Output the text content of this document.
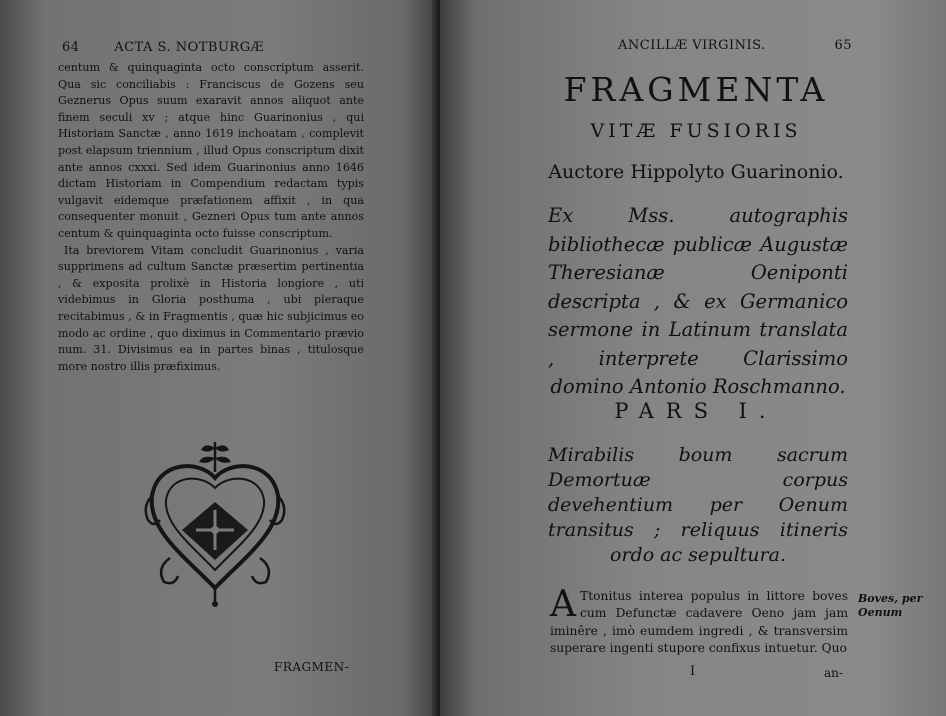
64	ACTA S. NOTBURGÆ

centum & quinquaginta octo conscriptum asserit. Qua sic conciliabis : Franciscus de Gozens seu Geznerus Opus suum exaravit annos aliquot ante finem seculi xv ; atque hinc Guarinonius , qui Historiam Sanctæ , anno 1619 inchoatam , complevit post elapsum triennium , illud Opus conscriptum dixit ante annos cxxxi. Sed idem Guarinonius anno 1646 dictam Historiam in Compendium redactam typis vulgavit eidemque præfationem affixit , in qua consequenter monuit , Gezneri Opus tum ante annos centum & quinquaginta octo fuisse conscriptum.

Ita breviorem Vitam concludit Guarinonius , varia supprimens ad cultum Sanctæ præsertim pertinentia , & exposita prolixè in Historia longiore , uti videbimus in Gloria posthuma , ubi pleraque recitabimus , & in Fragmentis , quæ hic subjicimus eo modo ac ordine , quo diximus in Commentario prævio num. 31. Divisimus ea in partes binas , titulosque more nostro illis præfiximus.

FRAGMEN-
ANCILLÆ VIRGINIS.	65
FRAGMENTA
VITÆ FUSIORIS
Auctore Hippolyto Guarinonio.
Ex Mss. autographis bibliothecæ publicæ Augustæ Theresianæ Oeniponti descripta , & ex Germanico sermone in Latinum translata , interprete Clarissimo domino Antonio Roschmanno.
PARS I.
Mirabilis boum sacrum Demortuæ corpus devehentium per Oenum transitus ; reliquus itineris ordo ac sepultura.
A Ttonitus interea populus in littore boves cum Defunctæ cadavere Oeno jam jam iminêre , imò eumdem ingredi , & transversim superare ingenti stupore confixus intuetur. Quo
Boves, per Oenum
I	an-
